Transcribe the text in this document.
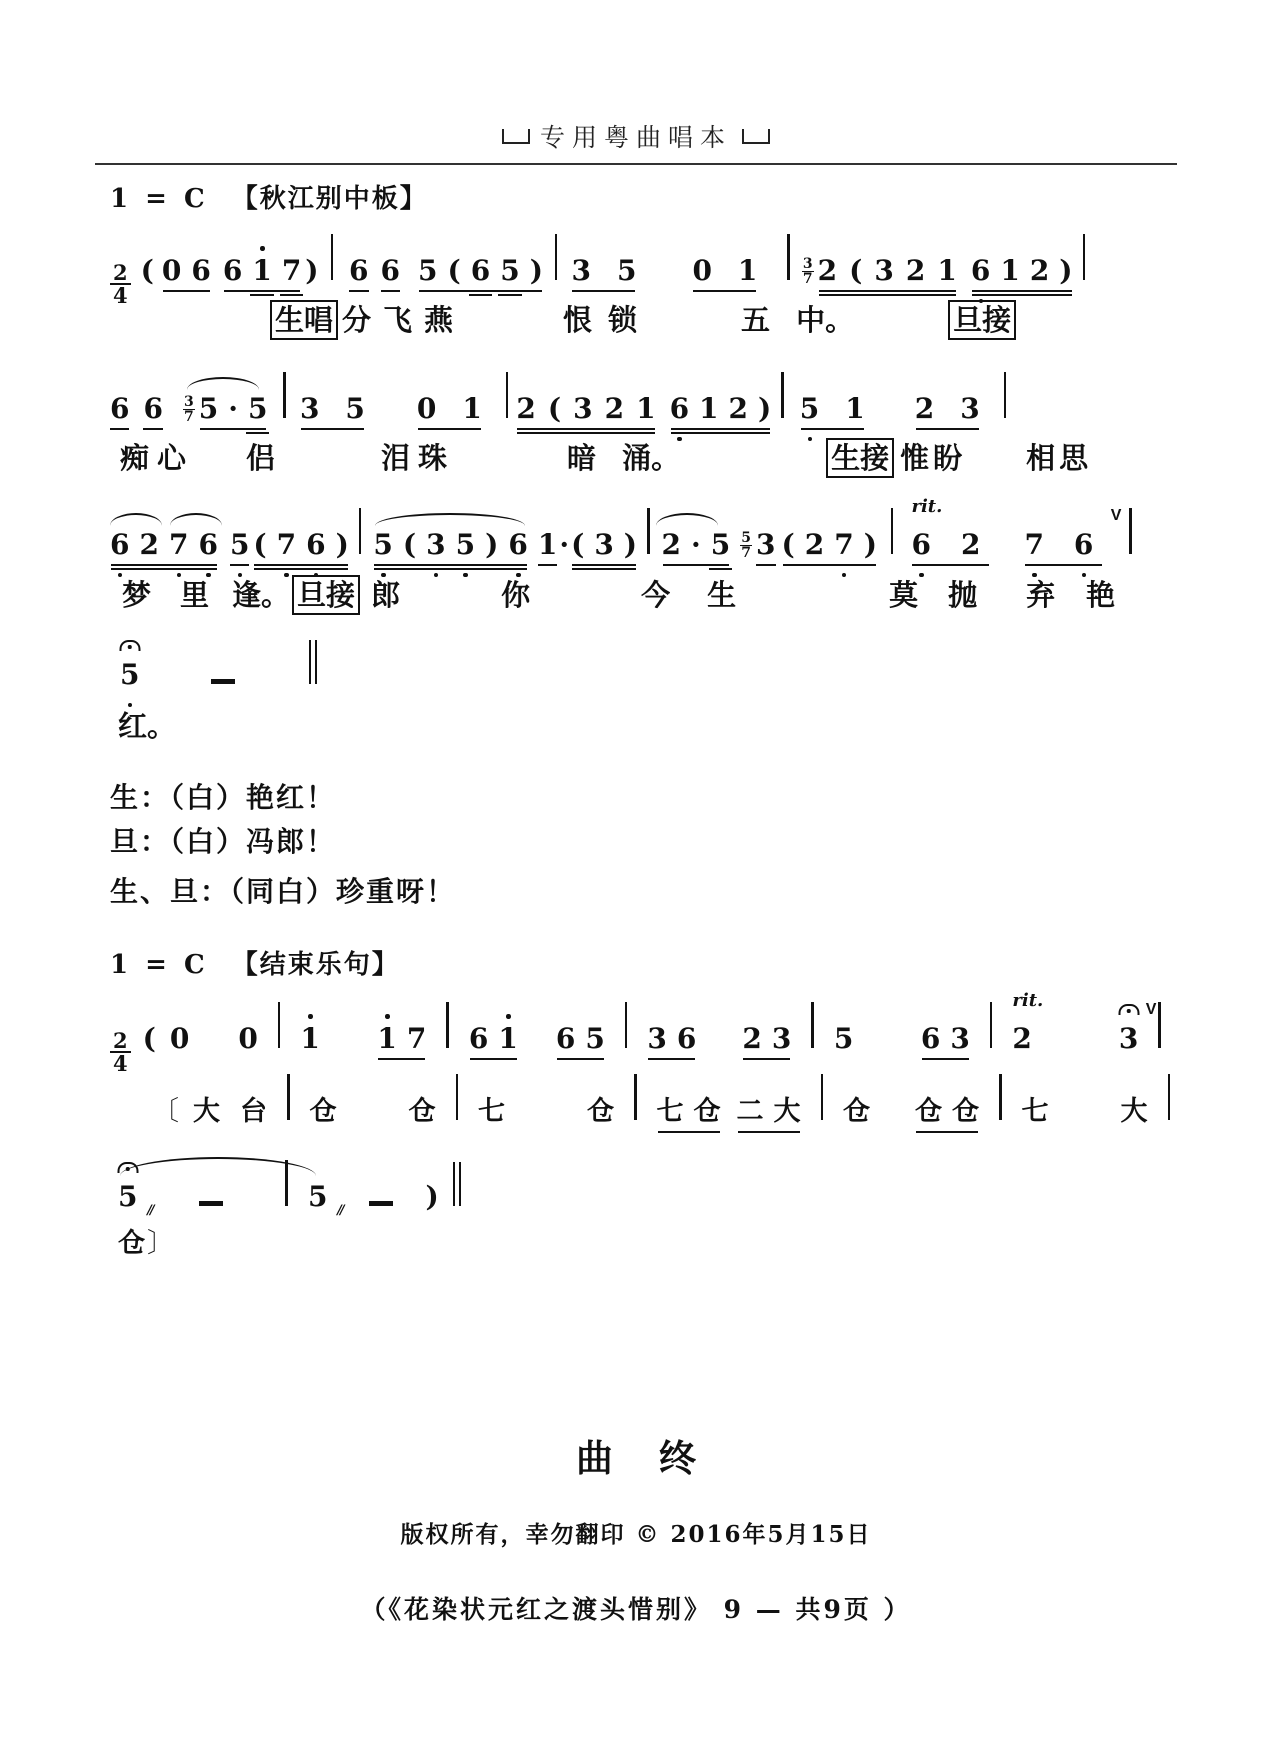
专用粤曲唱本
1 = C 【秋江别中板】
$\frac{2}{4}$ ( 0 6 6 1 7 ) 6 6 5 ( 6 5 ) 3 5 0 1	$\frac{3}{7} 2$ ( 3 2 1 6 1 2 )
生唱 分飞燕	恨锁	五 中。	旦接
6 $6 \frac{3}{7} 5 \cdot 5$ 3 5 0 1 2 ( 3 2 1 6 1 2 ) 5 1 2 3
痴心 侣	泪珠	暗 涌。	生接 惟盼 相思
6 2 7 6 5 ( 7 6 ) 5 ( 3 5 ) 6 1· ( 3 ) $2 \cdot 5 \frac{5}{7} 3$ ( 2 7 ) 6 2
rit.
7 6
V
梦 里 逢。 旦接 郎	你	今 生	莫 抛 弃 艳
5
红。
生：（白）艳红！
旦：（白）冯郎！
生、旦：（同白）珍重呀！
1 = C 【结束乐句】
$\frac{2}{4}$ ( 0 0 1 1 7 6 1 6 5 3 6 2 3 5 6 3 2
rit.
3
V
〔 大 台 仓	仓 七	仓 七 仓 二 大 仓 仓 仓 七	大
5 //	5 //	)
仓〕
曲终
版权所有，幸勿翻印 © 2016年5月15日
（《花染状元红之渡头惜别》 9 — 共9页 ）
